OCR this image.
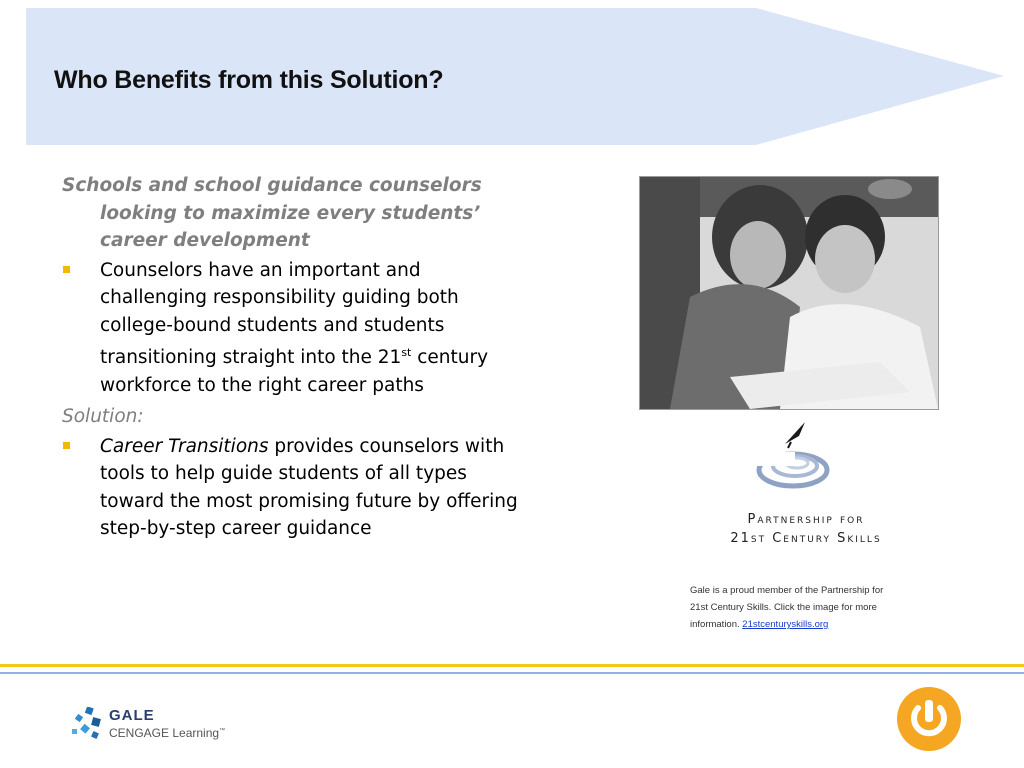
Who Benefits from this Solution?

Schools and school guidance counselors looking to maximize every students’ career development

Counselors have an important and challenging responsibility guiding both college-bound students and students transitioning straight into the 21st century workforce to the right career paths

Solution:

Career Transitions provides counselors with tools to help guide students of all types toward the most promising future by offering step-by-step career guidance	Partnership for
21st Century Skills
Gale is a proud member of the Partnership for
21st Century Skills. Click the image for more
information. 21stcenturyskills.org
GALE
CENGAGE Learning™
